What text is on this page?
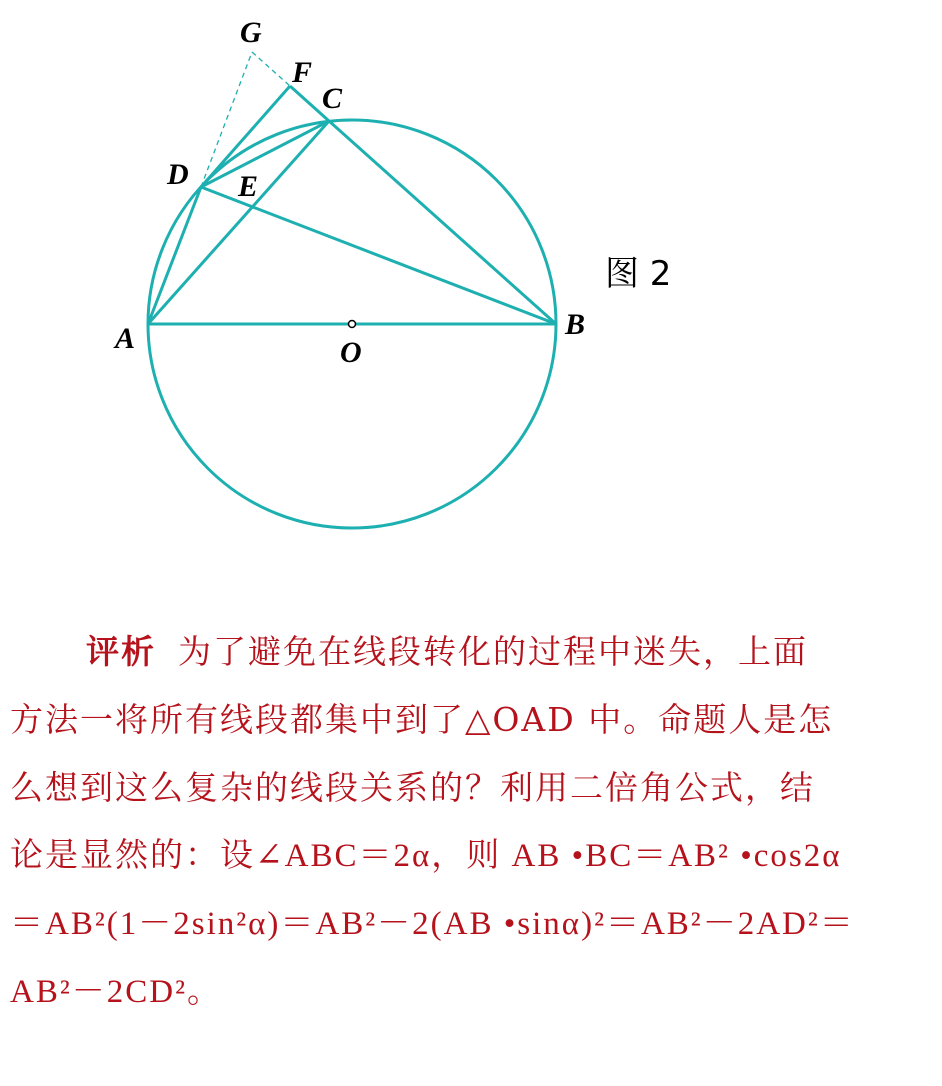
G
F
C
D E
A	B
O
图 2

评析 为了避免在线段转化的过程中迷失，上面

方法一将所有线段都集中到了△OAD 中。命题人是怎

么想到这么复杂的线段关系的？利用二倍角公式，结

论是显然的：设∠ABC＝2α，则 AB •BC＝AB² •cos2α

＝AB²(1－2sin²α)＝AB²－2(AB •sinα)²＝AB²－2AD²＝

AB²－2CD²。
